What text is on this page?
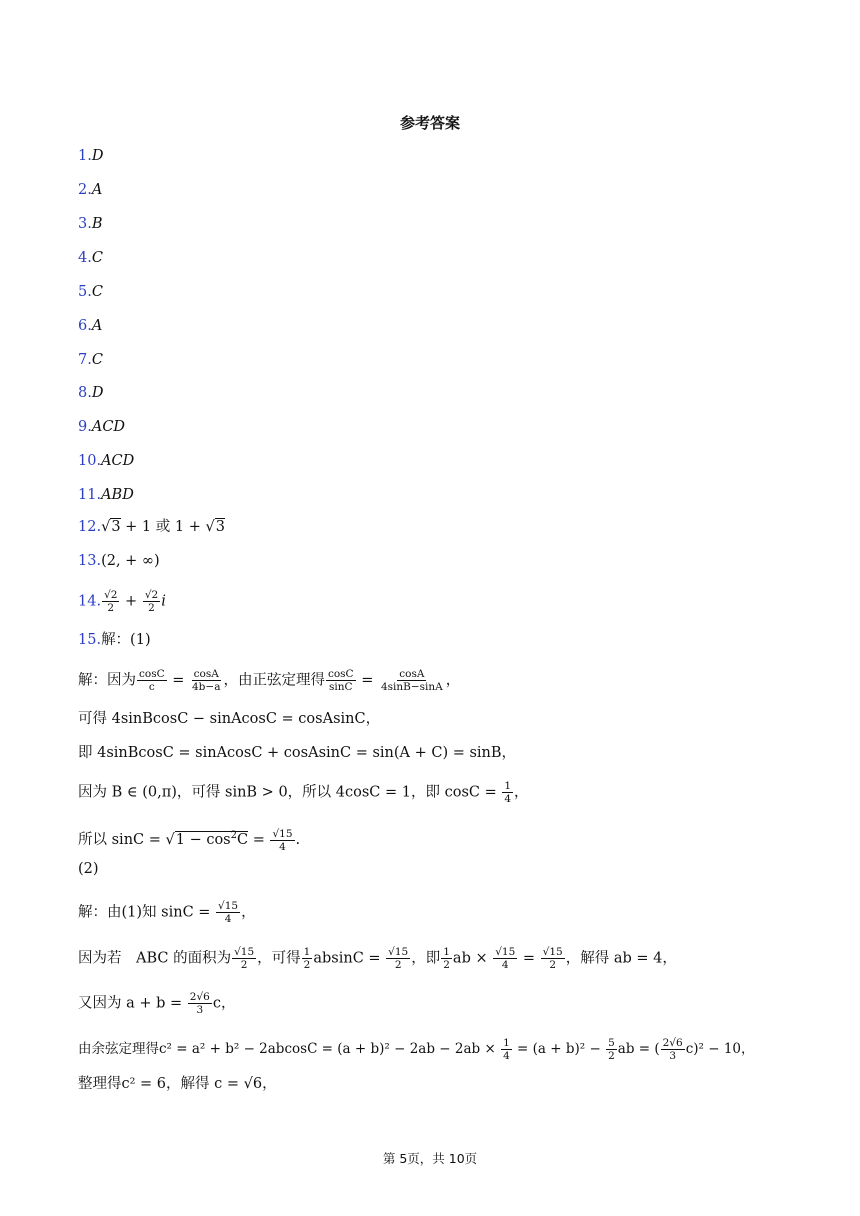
参考答案
1.D
2.A
3.B
4.C
5.C
6.A
7.C
8.D
9.ACD
10.ACD
11.ABD
12.√3 + 1 或 1 + √3
13.(2, + ∞)
14. $\frac{√2}{2} + \frac{√2}{2}$ i
15.解：(1)
解：因为 $\frac{\cos C}{c} = \frac{\cos A}{4b-a}$ ，由正弦定理得 $\frac{\cos C}{\sin C} = \frac{\cos A}{4\sin B-\sin A}$ ，
可得 4sinBcosC − sinAcosC = cosAsinC，
即 4sinBcosC = sinAcosC + cosAsinC = sin(A + C) = sinB，
因为 B ∈ (0,π)，可得 sinB > 0，所以 4cosC = 1，即 $\cos C = \frac{1}{4}$ ，
所以 $\sin C = √1 - \cos^2C = \frac{√15}{4}$ .
(2)
解：由(1)知 $\sin C = \frac{√15}{4}$ ，
因为若　ABC 的面积为 $\frac{√15}{2}$ ，可得 $\frac{1}{2}$ $absinC = \frac{√15}{2}$ ，即 $\frac{1}{2}$ ab × $\frac{√15}{4} = \frac{√15}{2}$ ，解得 ab = 4，
又因为 $a + b = \frac{2√6}{3}$ c，
由余弦定理得$c^2 = a^2 + b^2 - 2abcosC = (a + b)^2 - 2ab - 2ab \times \frac{1}{4} = (a + b)^2 - \frac{5}{2}$ ab = ( $\frac{2√6}{3} c)^2 - 10$，
整理得c² = 6，解得 c = √6，
第 5页，共 10页
